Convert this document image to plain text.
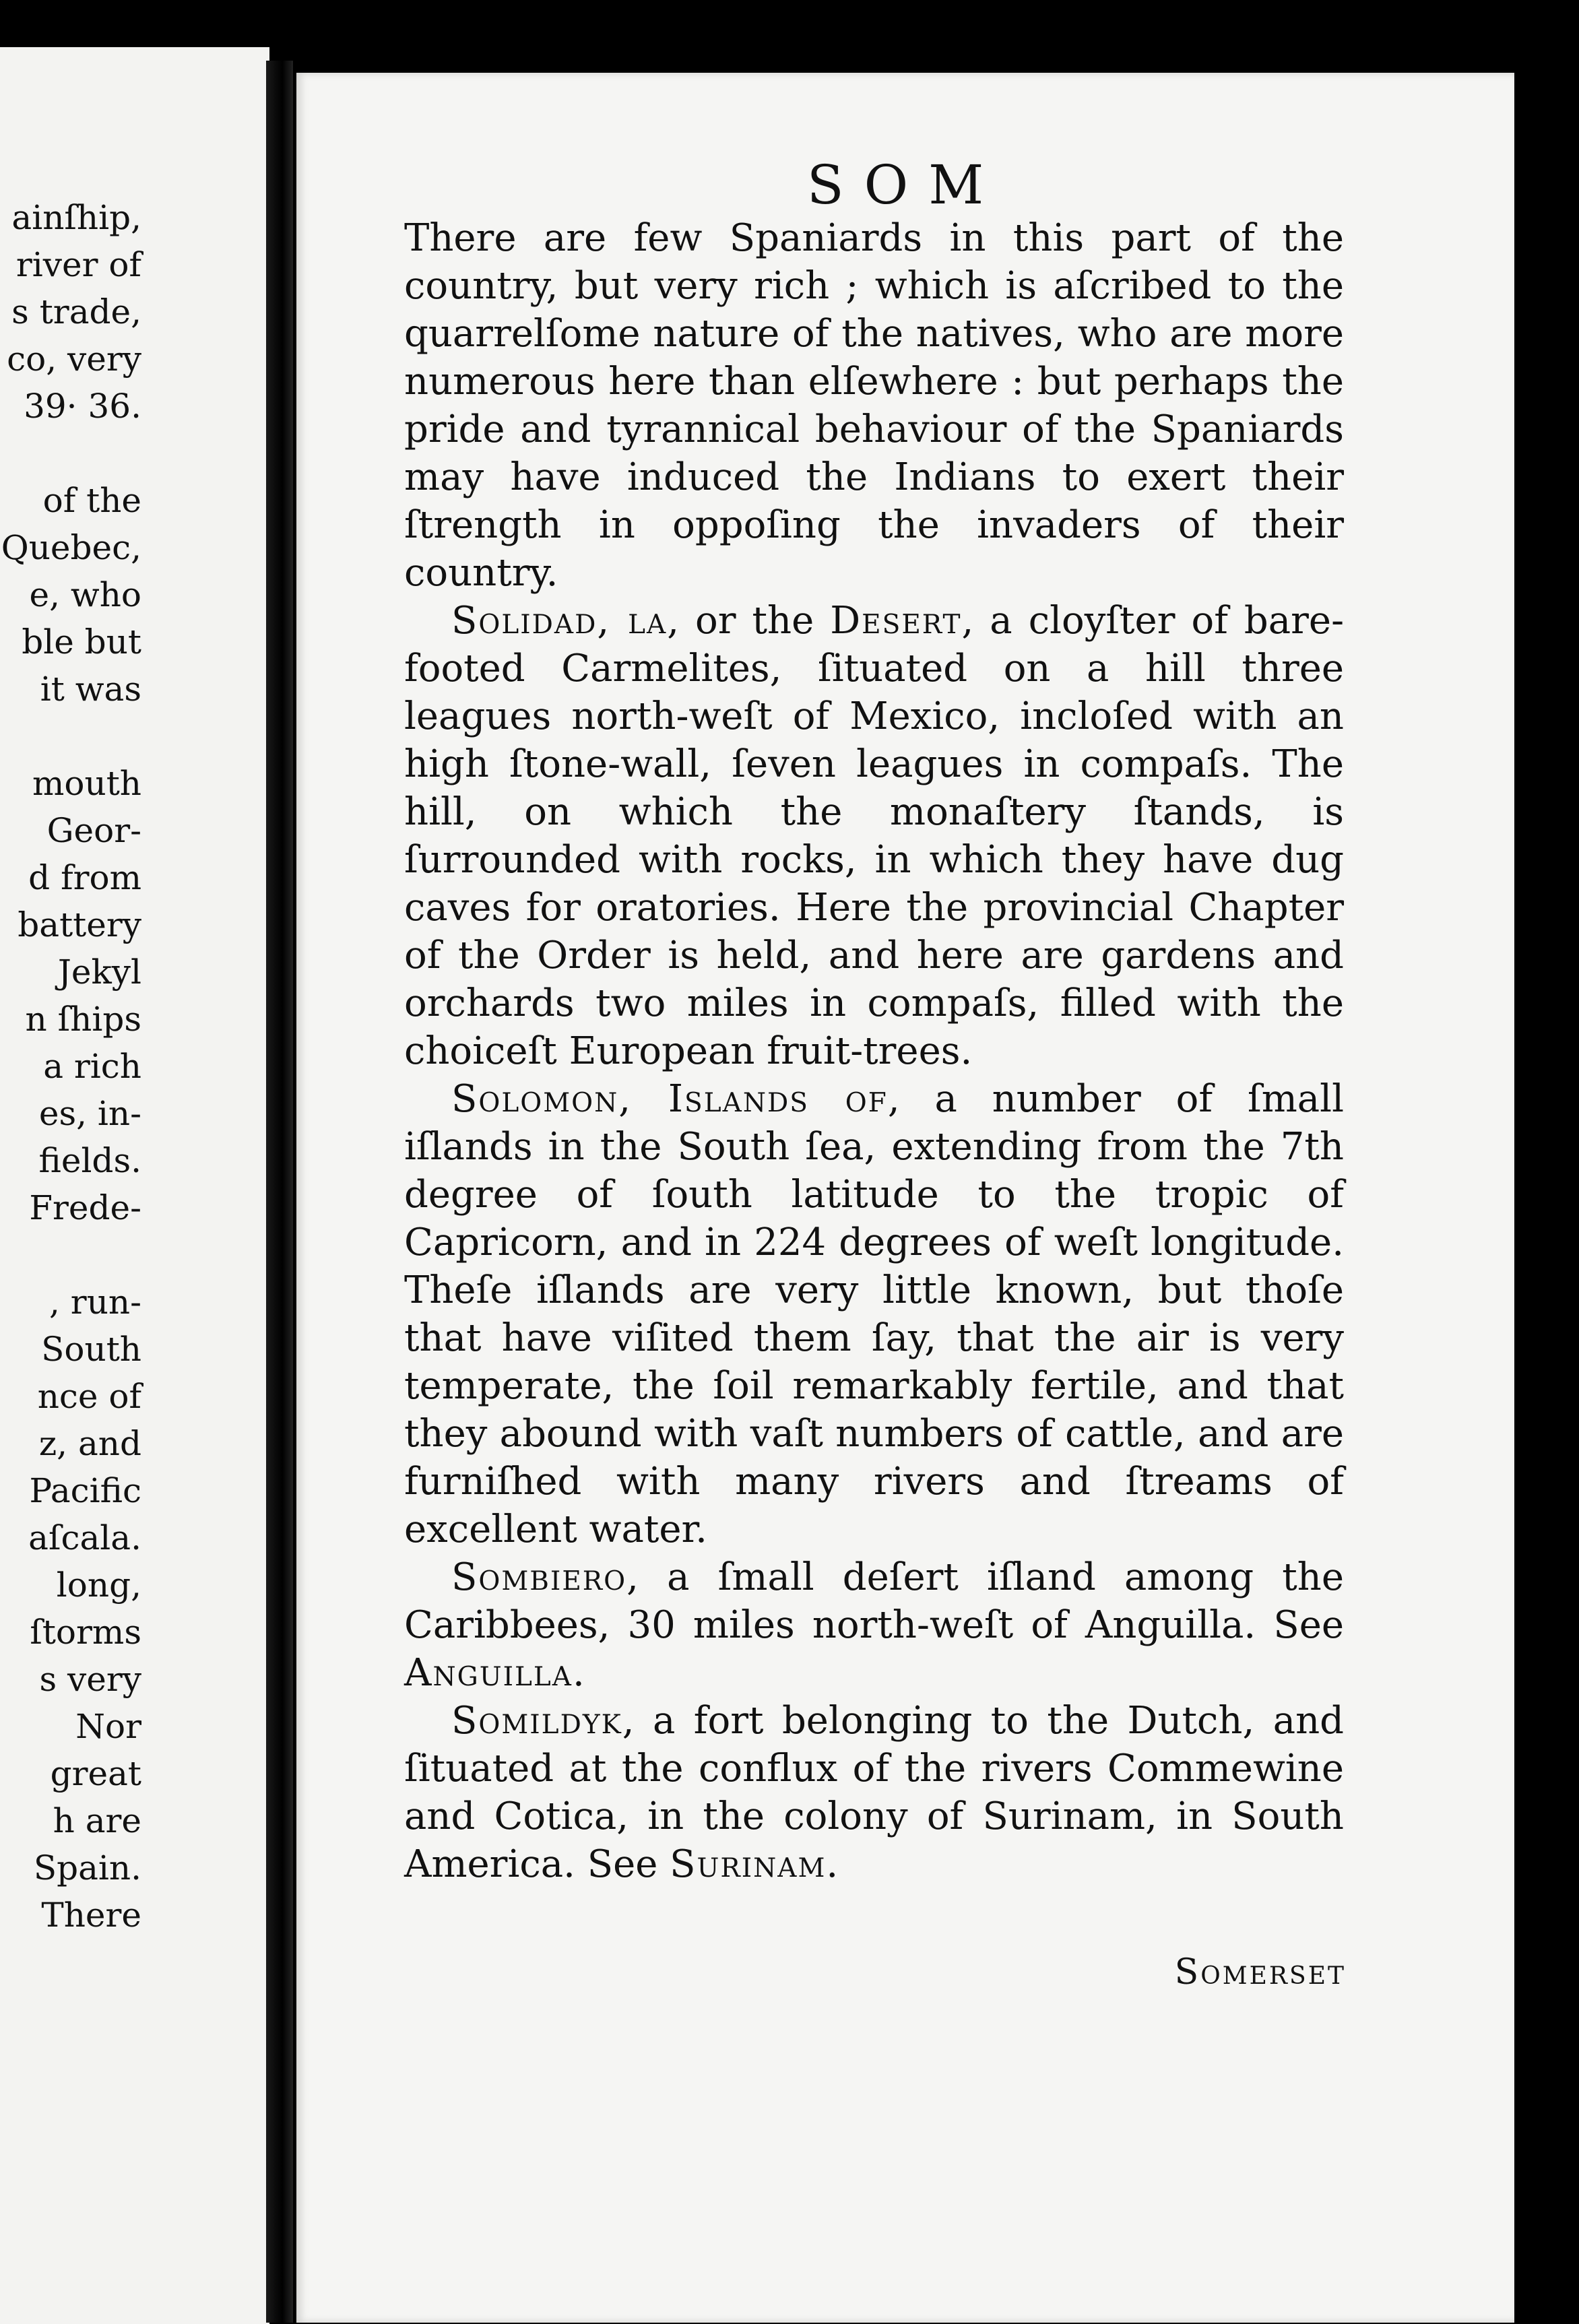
ainſhip,
river of
s trade,
co, very
39· 36.

of the
Quebec,
e, who
ble but
it was

mouth
Geor-
d from
battery
Jekyl
n ſhips
a rich
es, in-
fields.
Frede-

, run-
South
nce of
z, and
Pacific
aſcala.
long,
ſtorms
s very
Nor
great
h are
Spain.
There
SOM

There are few Spaniards in this part of the country, but very rich ; which is aſcribed to the quarrelſome nature of the natives, who are more numerous here than elſewhere : but perhaps the pride and tyrannical behaviour of the Spaniards may have induced the Indians to exert their ſtrength in oppoſing the invaders of their country.

Solidad, la, or the Desert, a cloyſter of bare-footed Carmelites, ſituated on a hill three leagues north-weſt of Mexico, incloſed with an high ſtone-wall, ſeven leagues in compaſs. The hill, on which the monaſtery ſtands, is ſurrounded with rocks, in which they have dug caves for oratories. Here the provincial Chapter of the Order is held, and here are gardens and orchards two miles in compaſs, filled with the choiceſt European fruit-trees.

Solomon, Islands of, a number of ſmall iſlands in the South ſea, extending from the 7th degree of ſouth latitude to the tropic of Capricorn, and in 224 degrees of weſt longitude. Theſe iſlands are very little known, but thoſe that have viſited them ſay, that the air is very temperate, the ſoil remarkably fertile, and that they abound with vaſt numbers of cattle, and are furniſhed with many rivers and ſtreams of excellent water.

Sombiero, a ſmall deſert iſland among the Caribbees, 30 miles north-weſt of Anguilla. See Anguilla.

Somildyk, a fort belonging to the Dutch, and ſituated at the conflux of the rivers Commewine and Cotica, in the colony of Surinam, in South America. See Surinam.

Somerset
